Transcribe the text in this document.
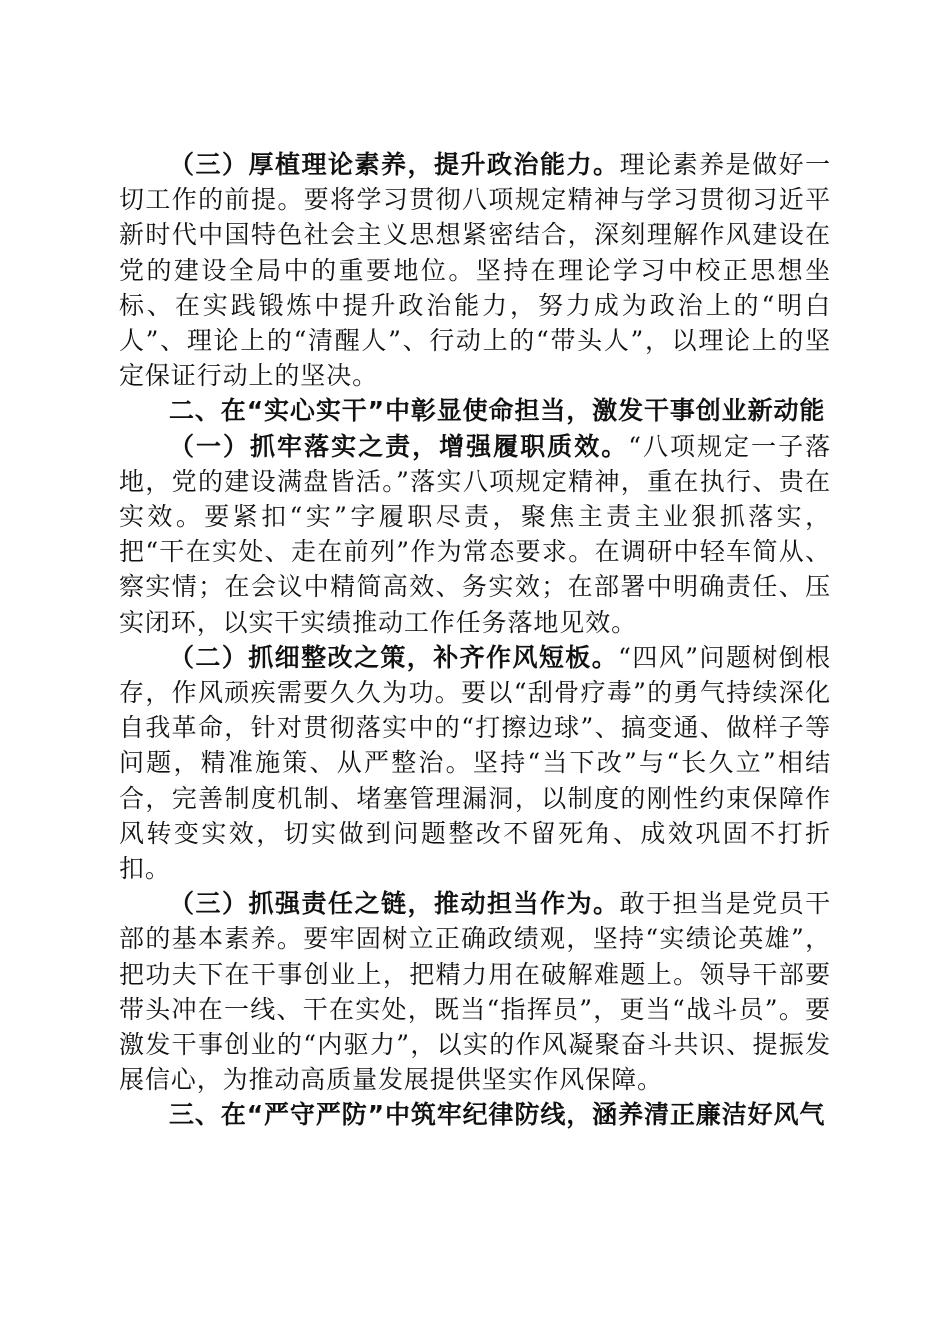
（三）厚植理论素养，提升政治能力。理论素养是做好一切工作的前提。要将学习贯彻八项规定精神与学习贯彻习近平新时代中国特色社会主义思想紧密结合，深刻理解作风建设在党的建设全局中的重要地位。坚持在理论学习中校正思想坐标、在实践锻炼中提升政治能力，努力成为政治上的“明白人”、理论上的“清醒人”、行动上的“带头人”，以理论上的坚定保证行动上的坚决。

二、在“实心实干”中彰显使命担当，激发干事创业新动能

（一）抓牢落实之责，增强履职质效。“八项规定一子落地，党的建设满盘皆活。”落实八项规定精神，重在执行、贵在实效。要紧扣“实”字履职尽责，聚焦主责主业狠抓落实，把“干在实处、走在前列”作为常态要求。在调研中轻车简从、察实情；在会议中精简高效、务实效；在部署中明确责任、压实闭环，以实干实绩推动工作任务落地见效。

（二）抓细整改之策，补齐作风短板。“四风”问题树倒根存，作风顽疾需要久久为功。要以“刮骨疗毒”的勇气持续深化自我革命，针对贯彻落实中的“打擦边球”、搞变通、做样子等问题，精准施策、从严整治。坚持“当下改”与“长久立”相结合，完善制度机制、堵塞管理漏洞，以制度的刚性约束保障作风转变实效，切实做到问题整改不留死角、成效巩固不打折扣。

（三）抓强责任之链，推动担当作为。敢于担当是党员干部的基本素养。要牢固树立正确政绩观，坚持“实绩论英雄”，把功夫下在干事创业上，把精力用在破解难题上。领导干部要带头冲在一线、干在实处，既当“指挥员”，更当“战斗员”。要激发干事创业的“内驱力”，以实的作风凝聚奋斗共识、提振发展信心，为推动高质量发展提供坚实作风保障。

三、在“严守严防”中筑牢纪律防线，涵养清正廉洁好风气
